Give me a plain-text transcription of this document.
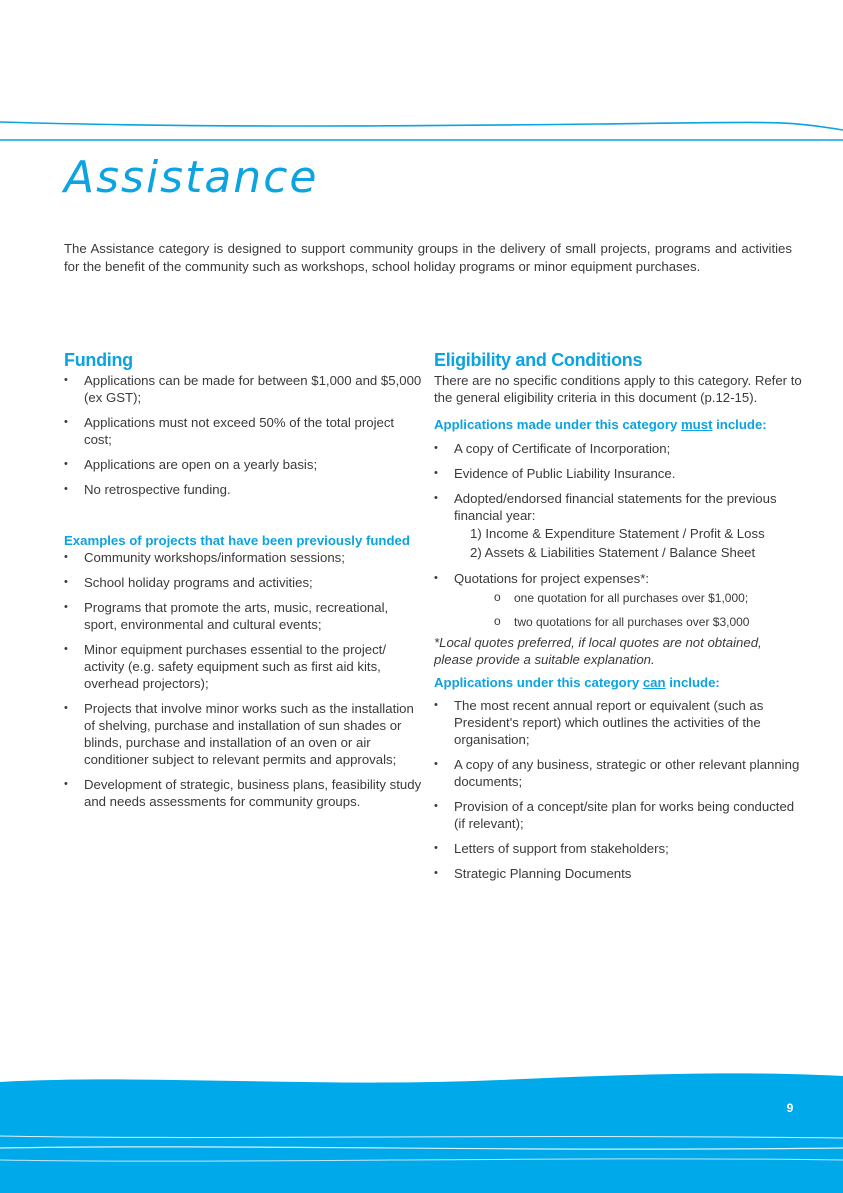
Assistance

The Assistance category is designed to support community groups in the delivery of small projects, programs and activities for the benefit of the community such as workshops, school holiday programs or minor equipment purchases.

Funding
• Applications can be made for between $1,000 and $5,000 (ex GST);
• Applications must not exceed 50% of the total project cost;
• Applications are open on a yearly basis;
• No retrospective funding.
Examples of projects that have been previously funded
• Community workshops/information sessions;
• School holiday programs and activities;
• Programs that promote the arts, music, recreational, sport, environmental and cultural events;
• Minor equipment purchases essential to the project/ activity (e.g. safety equipment such as first aid kits, overhead projectors);
• Projects that involve minor works such as the installation of shelving, purchase and installation of sun shades or blinds, purchase and installation of an oven or air conditioner subject to relevant permits and approvals;
• Development of strategic, business plans, feasibility study and needs assessments for community groups.
Eligibility and Conditions

There are no specific conditions apply to this category. Refer to the general eligibility criteria in this document (p.12-15).

Applications made under this category must include:
• A copy of Certificate of Incorporation;
• Evidence of Public Liability Insurance.
• Adopted/endorsed financial statements for the previous financial year:
1) Income & Expenditure Statement / Profit & Loss
2) Assets & Liabilities Statement / Balance Sheet
• Quotations for project expenses*:
o one quotation for all purchases over $1,000;
o two quotations for all purchases over $3,000

*Local quotes preferred, if local quotes are not obtained, please provide a suitable explanation.

Applications under this category can include:
• The most recent annual report or equivalent (such as President's report) which outlines the activities of the organisation;
• A copy of any business, strategic or other relevant planning documents;
• Provision of a concept/site plan for works being conducted (if relevant);
• Letters of support from stakeholders;
• Strategic Planning Documents
9
